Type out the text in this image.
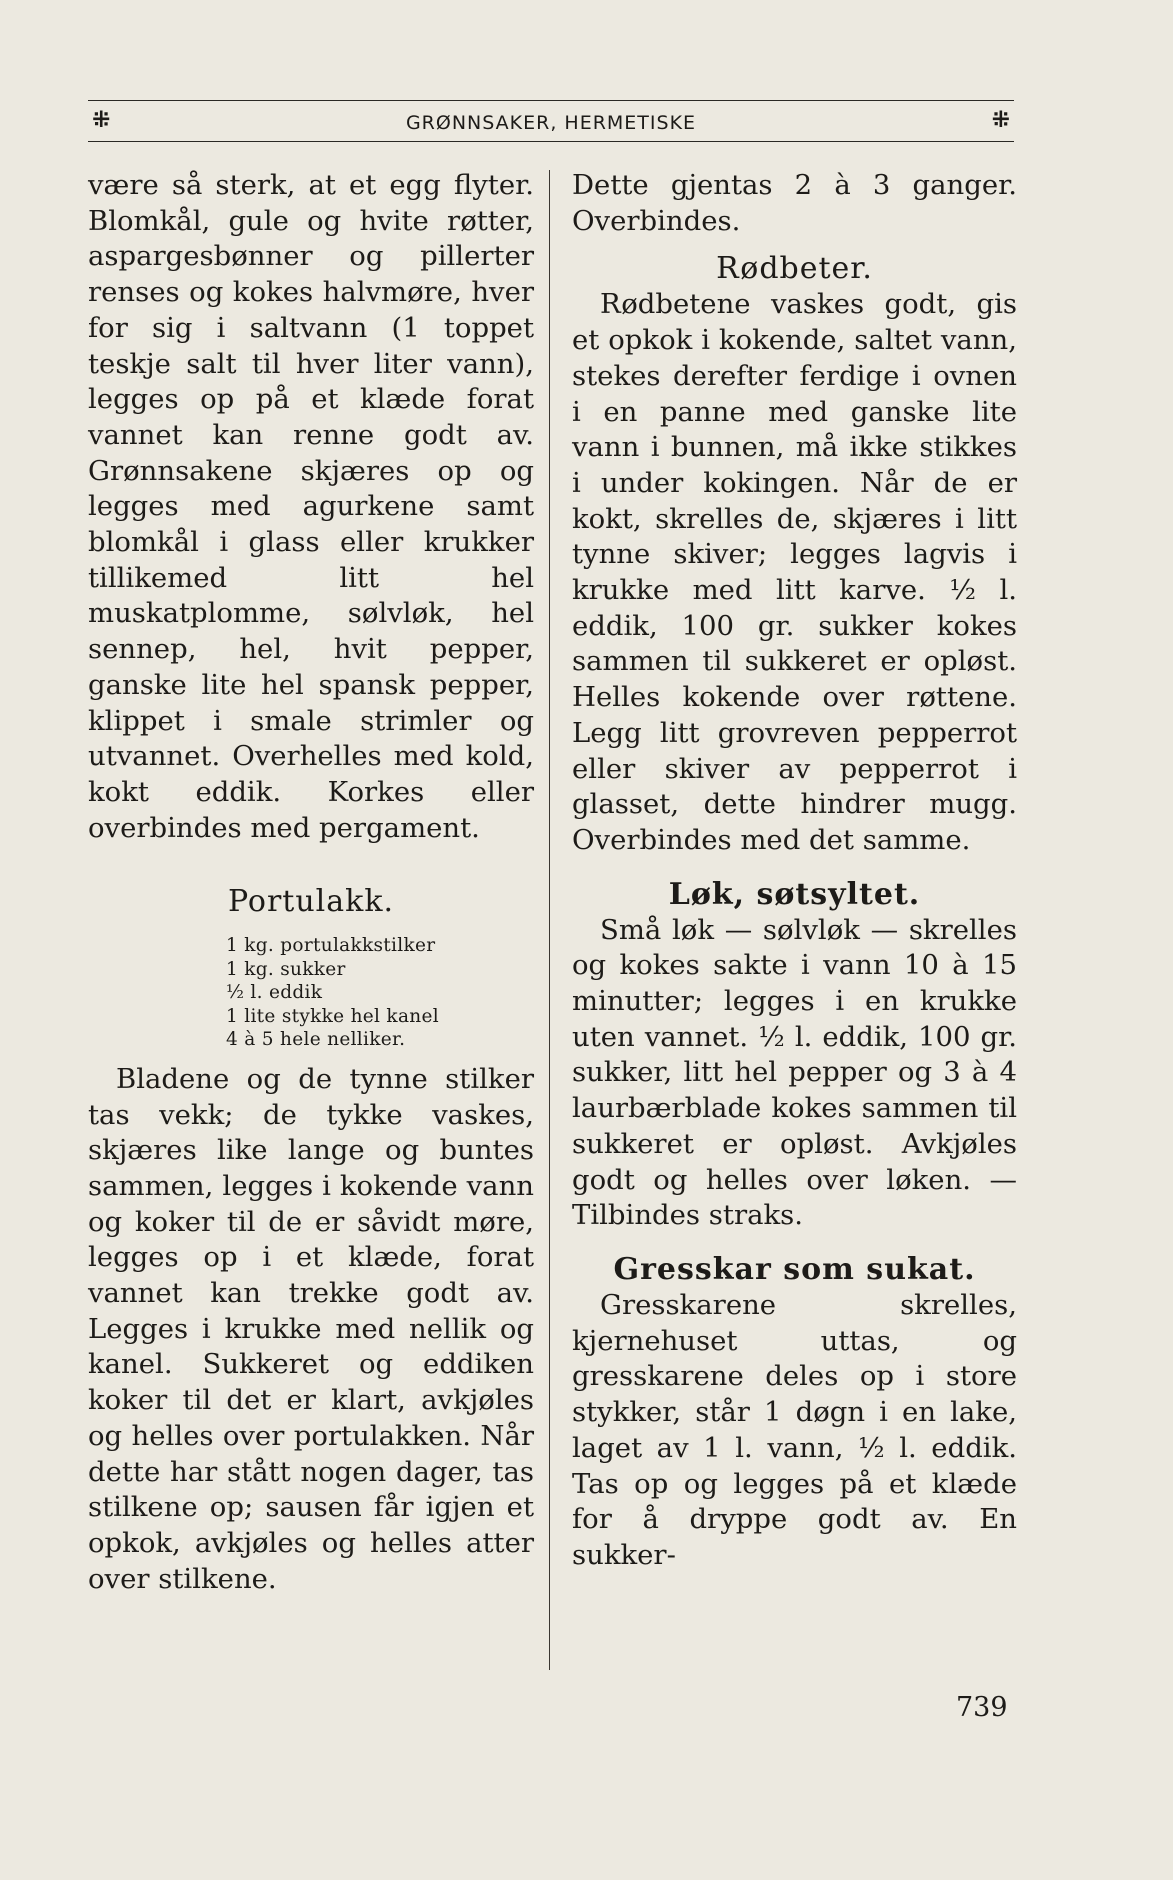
⁜	GRØNNSAKER, HERMETISKE	⁜

være så sterk, at et egg flyter. Blomkål, gule og hvite røtter, aspargesbønner og pillerter renses og kokes halvmøre, hver for sig i saltvann (1 toppet teskje salt til hver liter vann), legges op på et klæde forat vannet kan renne godt av. Grønnsakene skjæres op og legges med agurkene samt blomkål i glass eller krukker tillikemed litt hel muskatplomme, sølvløk, hel sennep, hel, hvit pepper, ganske lite hel spansk pepper, klippet i smale strimler og utvannet. Overhelles med kold, kokt eddik. Korkes eller overbindes med pergament.

Portulakk.
1 kg. portulakkstilker
1 kg. sukker
½ l. eddik
1 lite stykke hel kanel
4 à 5 hele nelliker.

Bladene og de tynne stilker tas vekk; de tykke vaskes, skjæres like lange og buntes sammen, legges i kokende vann og koker til de er såvidt møre, legges op i et klæde, forat vannet kan trekke godt av. Legges i krukke med nellik og kanel. Sukkeret og eddiken koker til det er klart, avkjøles og helles over portulakken. Når dette har stått nogen dager, tas stilkene op; sausen får igjen et opkok, avkjøles og helles atter over stilkene.

Dette gjentas 2 à 3 ganger. Overbindes.

Rødbeter.

Rødbetene vaskes godt, gis et opkok i kokende, saltet vann, stekes derefter ferdige i ovnen i en panne med ganske lite vann i bunnen, må ikke stikkes i under kokingen. Når de er kokt, skrelles de, skjæres i litt tynne skiver; legges lagvis i krukke med litt karve. ½ l. eddik, 100 gr. sukker kokes sammen til sukkeret er opløst. Helles kokende over røttene. Legg litt grovreven pepperrot eller skiver av pepperrot i glasset, dette hindrer mugg. Overbindes med det samme.

Løk, søtsyltet.

Små løk — sølvløk — skrelles og kokes sakte i vann 10 à 15 minutter; legges i en krukke uten vannet. ½ l. eddik, 100 gr. sukker, litt hel pepper og 3 à 4 laurbærblade kokes sammen til sukkeret er opløst. Avkjøles godt og helles over løken. — Tilbindes straks.

Gresskar som sukat.

Gresskarene skrelles, kjernehuset uttas, og gresskarene deles op i store stykker, står 1 døgn i en lake, laget av 1 l. vann, ½ l. eddik. Tas op og legges på et klæde for å dryppe godt av. En sukker-

739
